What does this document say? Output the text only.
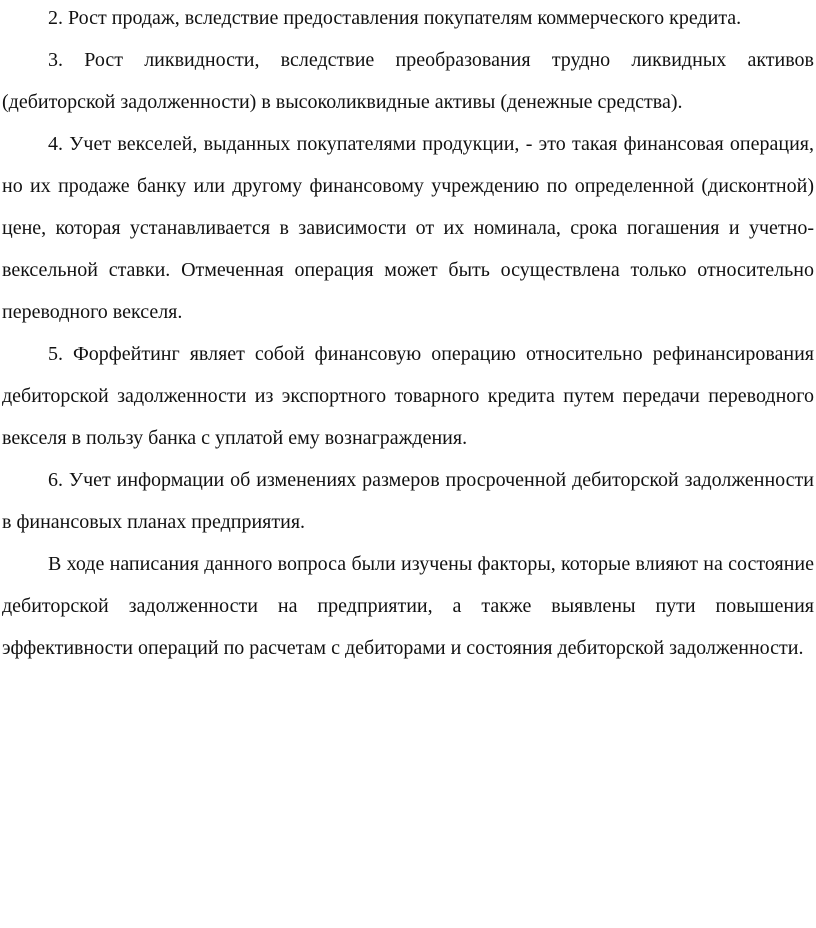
2. Рост продаж, вследствие предоставления покупателям коммерческого кредита.

3. Рост ликвидности, вследствие преобразования трудно ликвидных активов (дебиторской задолженности) в высоколиквидные активы (денежные средства).

4. Учет векселей, выданных покупателями продукции, - это такая финансовая операция, но их продаже банку или другому финансовому учреждению по определенной (дисконтной) цене, которая устанавливается в зависимости от их номинала, срока погашения и учетно-вексельной ставки. Отмеченная операция может быть осуществлена только относительно переводного векселя.

5. Форфейтинг являет собой финансовую операцию относительно рефинансирования дебиторской задолженности из экспортного товарного кредита путем передачи переводного векселя в пользу банка с уплатой ему вознаграждения.

6. Учет информации об изменениях размеров просроченной дебиторской задолженности в финансовых планах предприятия.

В ходе написания данного вопроса были изучены факторы, которые влияют на состояние дебиторской задолженности на предприятии, а также выявлены пути повышения эффективности операций по расчетам с дебиторами и состояния дебиторской задолженности.
